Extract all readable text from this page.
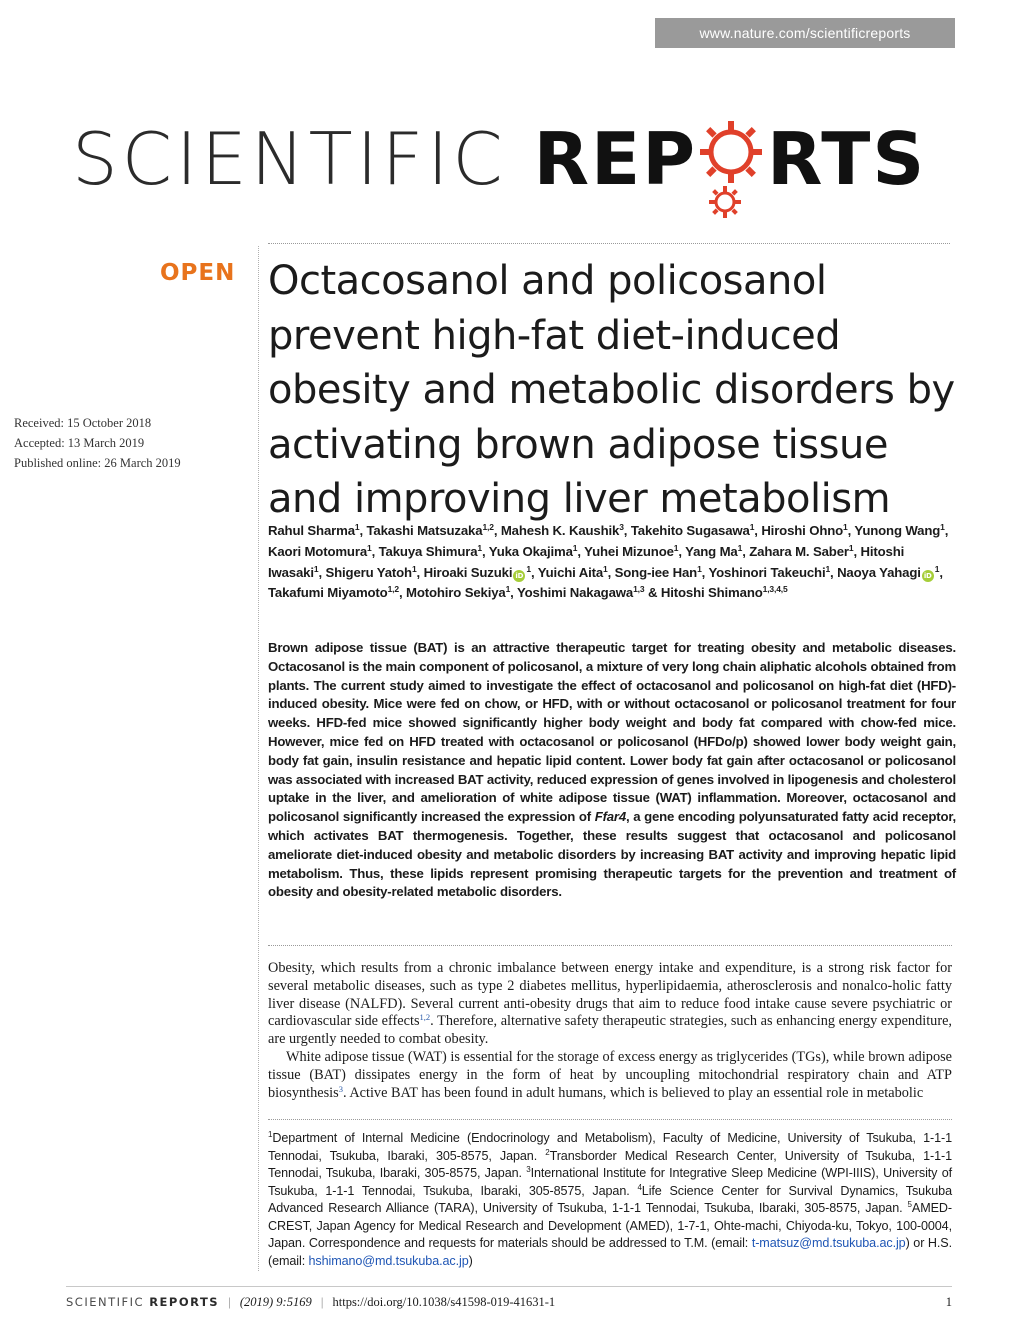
www.nature.com/scientificreports
SCIENTIFIC REP RTS
OPEN
Received: 15 October 2018
Accepted: 13 March 2019
Published online: 26 March 2019
Octacosanol and policosanol prevent high-fat diet-induced obesity and metabolic disorders by activating brown adipose tissue and improving liver metabolism
Rahul Sharma$^1$, Takashi Matsuzaka$^{1,2}$, Mahesh K. Kaushik$^3$, Takehito Sugasawa$^1$, Hiroshi Ohno$^1$, Yunong Wang$^1$, Kaori Motomura$^1$, Takuya Shimura$^1$, Yuka Okajima$^1$, Yuhei Mizunoe$^1$, Yang Ma$^1$, Zahara M. Saber$^1$, Hitoshi Iwasaki$^1$, Shigeru Yatoh$^1$, Hiroaki Suzuki $iD^1$, Yuichi Aita$^1$, Song-iee Han$^1$, Yoshinori Takeuchi$^1$, Naoya Yahagi $iD^1$, Takafumi Miyamoto$^{1,2}$, Motohiro Sekiya$^1$, Yoshimi Nakagawa$^{1,3}$ & Hitoshi Shimano$^{1,3,4,5}$
Brown adipose tissue (BAT) is an attractive therapeutic target for treating obesity and metabolic diseases. Octacosanol is the main component of policosanol, a mixture of very long chain aliphatic alcohols obtained from plants. The current study aimed to investigate the effect of octacosanol and policosanol on high-fat diet (HFD)-induced obesity. Mice were fed on chow, or HFD, with or without octacosanol or policosanol treatment for four weeks. HFD-fed mice showed significantly higher body weight and body fat compared with chow-fed mice. However, mice fed on HFD treated with octacosanol or policosanol (HFDo/p) showed lower body weight gain, body fat gain, insulin resistance and hepatic lipid content. Lower body fat gain after octacosanol or policosanol was associated with increased BAT activity, reduced expression of genes involved in lipogenesis and cholesterol uptake in the liver, and amelioration of white adipose tissue (WAT) inflammation. Moreover, octacosanol and policosanol significantly increased the expression of Ffar4, a gene encoding polyunsaturated fatty acid receptor, which activates BAT thermogenesis. Together, these results suggest that octacosanol and policosanol ameliorate diet-induced obesity and metabolic disorders by increasing BAT activity and improving hepatic lipid metabolism. Thus, these lipids represent promising therapeutic targets for the prevention and treatment of obesity and obesity-related metabolic disorders.

Obesity, which results from a chronic imbalance between energy intake and expenditure, is a strong risk factor for several metabolic diseases, such as type 2 diabetes mellitus, hyperlipidaemia, atherosclerosis and nonalco-holic fatty liver disease (NALFD). Several current anti-obesity drugs that aim to reduce food intake cause severe psychiatric or cardiovascular side effects$^{1,2}$. Therefore, alternative safety therapeutic strategies, such as enhancing energy expenditure, are urgently needed to combat obesity.

White adipose tissue (WAT) is essential for the storage of excess energy as triglycerides (TGs), while brown adipose tissue (BAT) dissipates energy in the form of heat by uncoupling mitochondrial respiratory chain and ATP biosynthesis$^3$. Active BAT has been found in adult humans, which is believed to play an essential role in metabolic

$^1$Department of Internal Medicine (Endocrinology and Metabolism), Faculty of Medicine, University of Tsukuba, 1-1-1 Tennodai, Tsukuba, Ibaraki, 305-8575, Japan. $^2$Transborder Medical Research Center, University of Tsukuba, 1-1-1 Tennodai, Tsukuba, Ibaraki, 305-8575, Japan. $^3$International Institute for Integrative Sleep Medicine (WPI-IIIS), University of Tsukuba, 1-1-1 Tennodai, Tsukuba, Ibaraki, 305-8575, Japan. $^4$Life Science Center for Survival Dynamics, Tsukuba Advanced Research Alliance (TARA), University of Tsukuba, 1-1-1 Tennodai, Tsukuba, Ibaraki, 305-8575, Japan. $^5$AMED-CREST, Japan Agency for Medical Research and Development (AMED), 1-7-1, Ohte-machi, Chiyoda-ku, Tokyo, 100-0004, Japan. Correspondence and requests for materials should be addressed to T.M. (email: t-matsuz@md.tsukuba.ac.jp) or H.S. (email: hshimano@md.tsukuba.ac.jp)
SCIENTIFIC REPORTS | (2019) 9:5169 | https://doi.org/10.1038/s41598-019-41631-1	1
